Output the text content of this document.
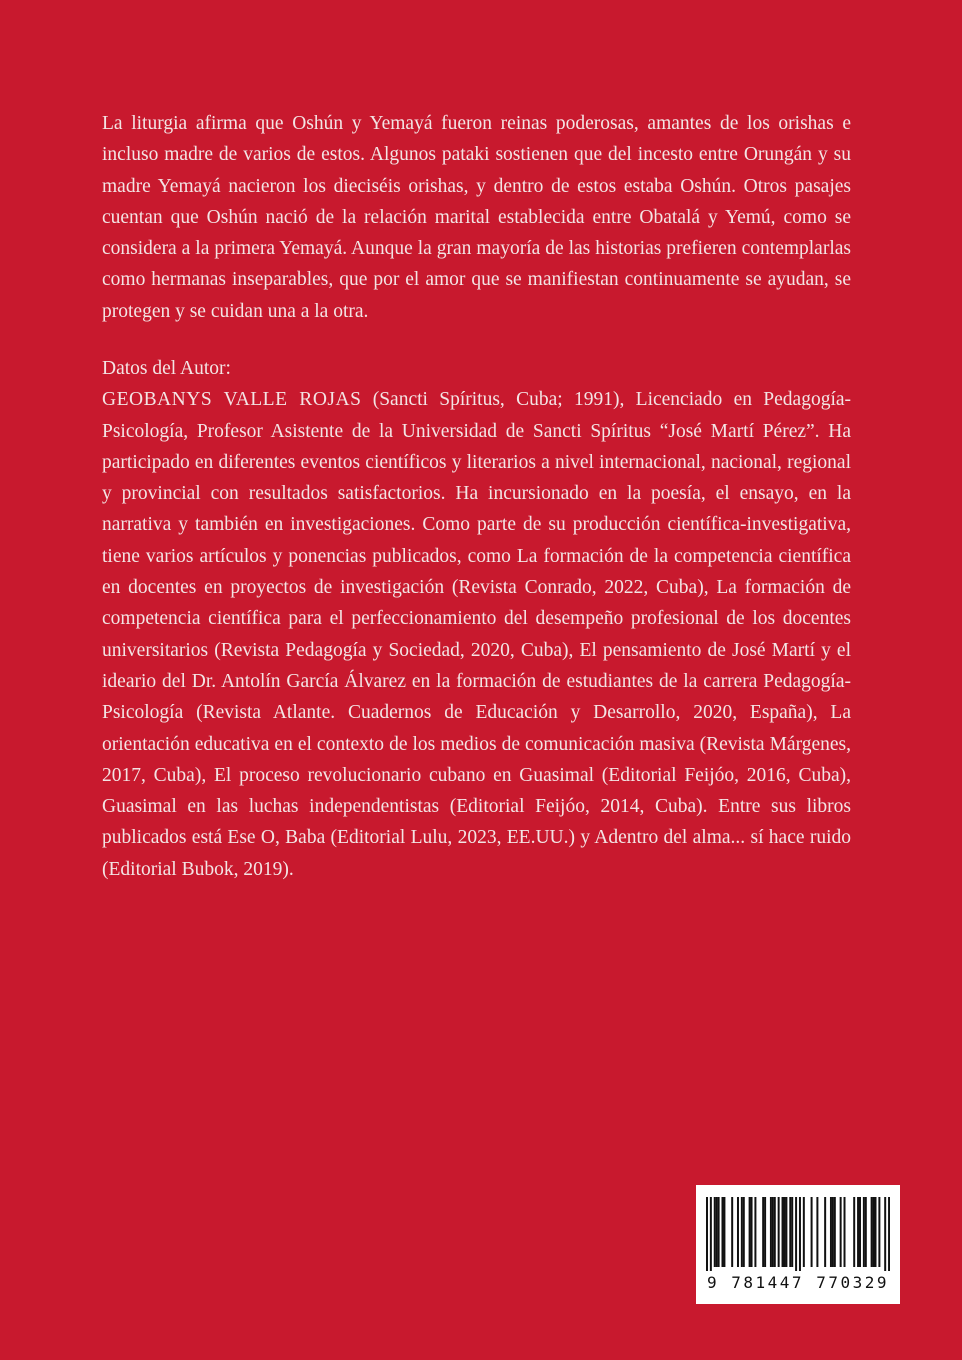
La liturgia afirma que Oshún y Yemayá fueron reinas poderosas, amantes de los orishas e incluso madre de varios de estos. Algunos pataki sostienen que del incesto entre Orungán y su madre Yemayá nacieron los dieciséis orishas, y dentro de estos estaba Oshún. Otros pasajes cuentan que Oshún nació de la relación marital establecida entre Obatalá y Yemú, como se considera a la primera Yemayá. Aunque la gran mayoría de las historias prefieren contemplarlas como hermanas inseparables, que por el amor que se manifiestan continuamente se ayudan, se protegen y se cuidan una a la otra.

Datos del Autor:

GEOBANYS VALLE ROJAS (Sancti Spíritus, Cuba; 1991), Licenciado en Pedagogía-Psicología, Profesor Asistente de la Universidad de Sancti Spíritus “José Martí Pérez”. Ha participado en diferentes eventos científicos y literarios a nivel internacional, nacional, regional y provincial con resultados satisfactorios. Ha incursionado en la poesía, el ensayo, en la narrativa y también en investigaciones. Como parte de su producción científica-investigativa, tiene varios artículos y ponencias publicados, como La formación de la competencia científica en docentes en proyectos de investigación (Revista Conrado, 2022, Cuba), La formación de competencia científica para el perfeccionamiento del desempeño profesional de los docentes universitarios (Revista Pedagogía y Sociedad, 2020, Cuba), El pensamiento de José Martí y el ideario del Dr. Antolín García Álvarez en la formación de estudiantes de la carrera Pedagogía-Psicología (Revista Atlante. Cuadernos de Educación y Desarrollo, 2020, España), La orientación educativa en el contexto de los medios de comunicación masiva (Revista Márgenes, 2017, Cuba), El proceso revolucionario cubano en Guasimal (Editorial Feijóo, 2016, Cuba), Guasimal en las luchas independentistas (Editorial Feijóo, 2014, Cuba). Entre sus libros publicados está Ese O, Baba (Editorial Lulu, 2023, EE.UU.) y Adentro del alma... sí hace ruido (Editorial Bubok, 2019).

9 781447 770329
